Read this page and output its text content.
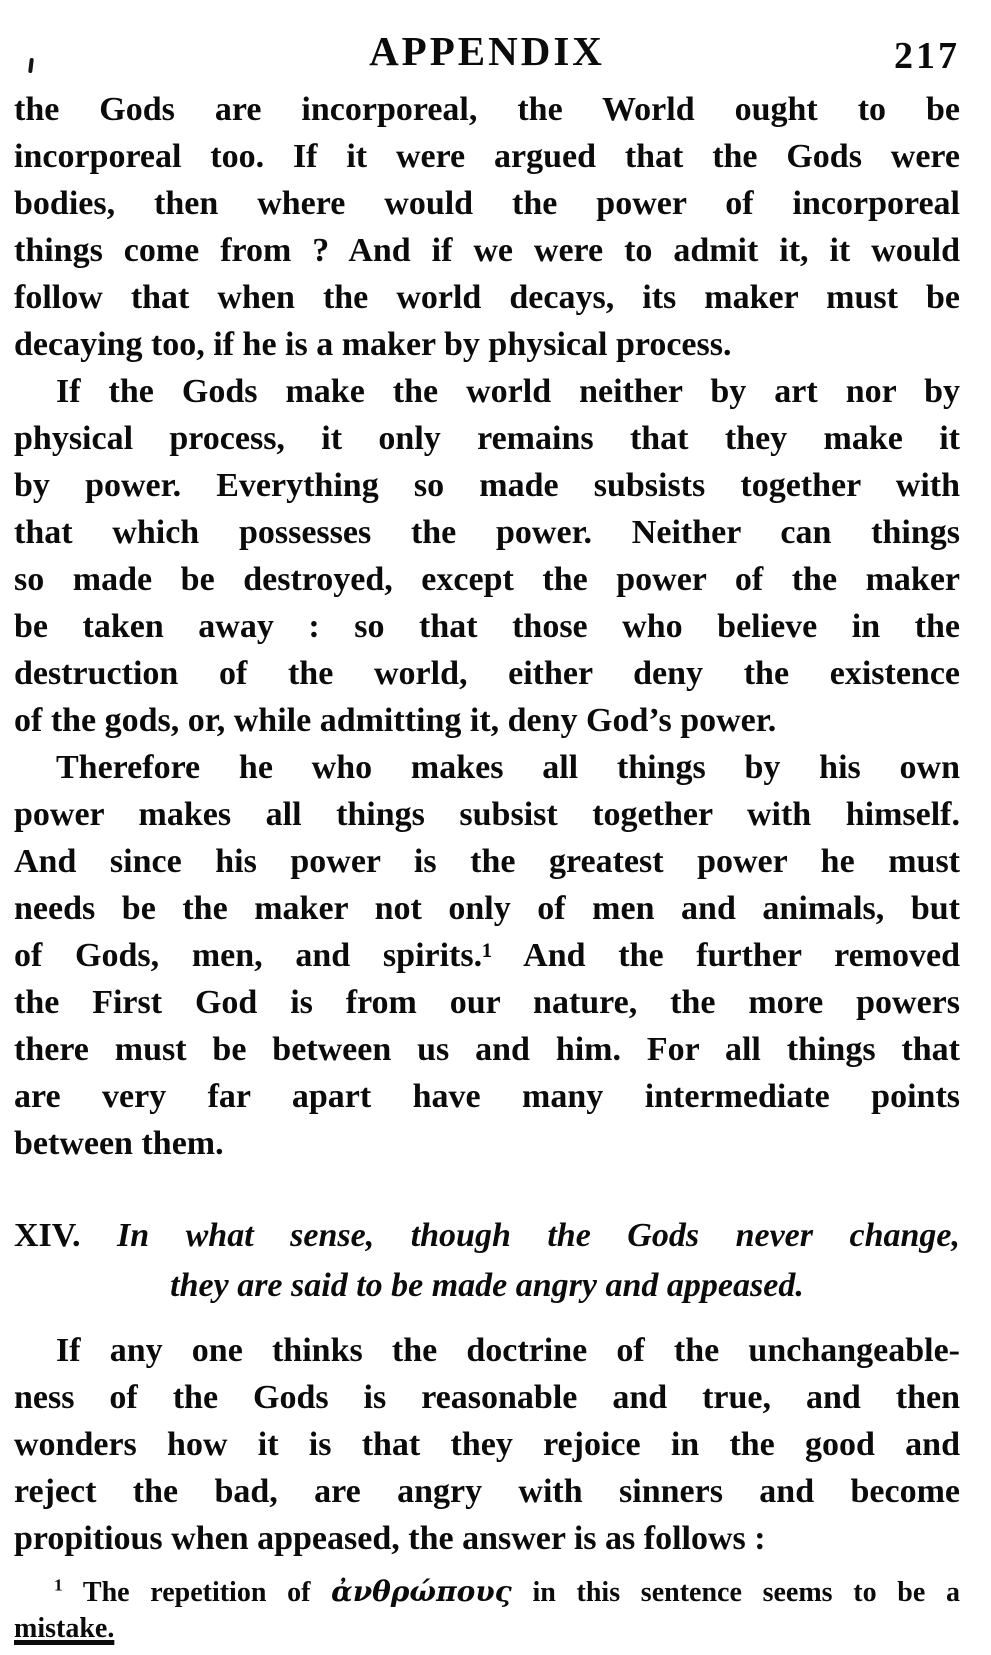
APPENDIX	217

the Gods are incorporeal, the World ought to be
incorporeal too. If it were argued that the Gods were
bodies, then where would the power of incorporeal
things come from ? And if we were to admit it, it would
follow that when the world decays, its maker must be
decaying too, if he is a maker by physical process.

If the Gods make the world neither by art nor by
physical process, it only remains that they make it
by power. Everything so made subsists together with
that which possesses the power. Neither can things
so made be destroyed, except the power of the maker
be taken away : so that those who believe in the
destruction of the world, either deny the existence
of the gods, or, while admitting it, deny God’s power.

Therefore he who makes all things by his own
power makes all things subsist together with himself.
And since his power is the greatest power he must
needs be the maker not only of men and animals, but
of Gods, men, and spirits.¹ And the further removed
the First God is from our nature, the more powers
there must be between us and him. For all things that
are very far apart have many intermediate points
between them.

XIV. In what sense, though the Gods never change,
they are said to be made angry and appeased.

If any one thinks the doctrine of the unchangeable-
ness of the Gods is reasonable and true, and then
wonders how it is that they rejoice in the good and
reject the bad, are angry with sinners and become
propitious when appeased, the answer is as follows :

$^1$ The repetition of ἀνθρώπους in this sentence seems to be a
mistake.
